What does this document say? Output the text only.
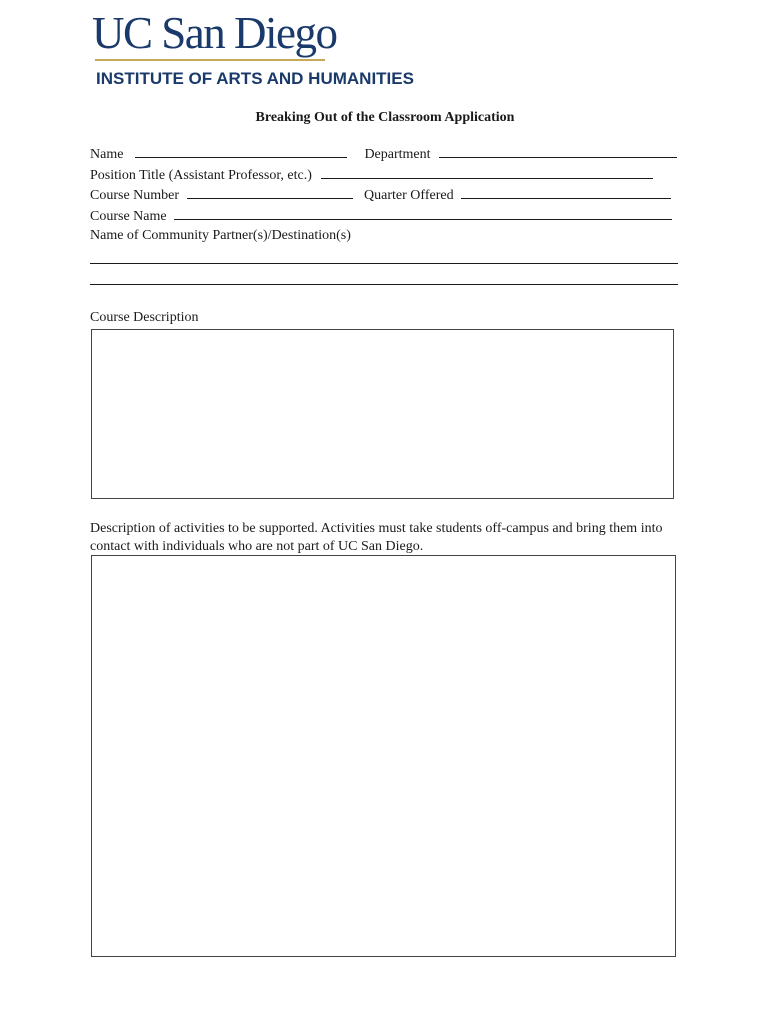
UC San Diego
INSTITUTE OF ARTS AND HUMANITIES
Breaking Out of the Classroom Application
Name	Department
Position Title (Assistant Professor, etc.)
Course Number	Quarter Offered
Course Name
Name of Community Partner(s)/Destination(s)
Course Description
Description of activities to be supported. Activities must take students off-campus and bring them into contact with individuals who are not part of UC San Diego.
